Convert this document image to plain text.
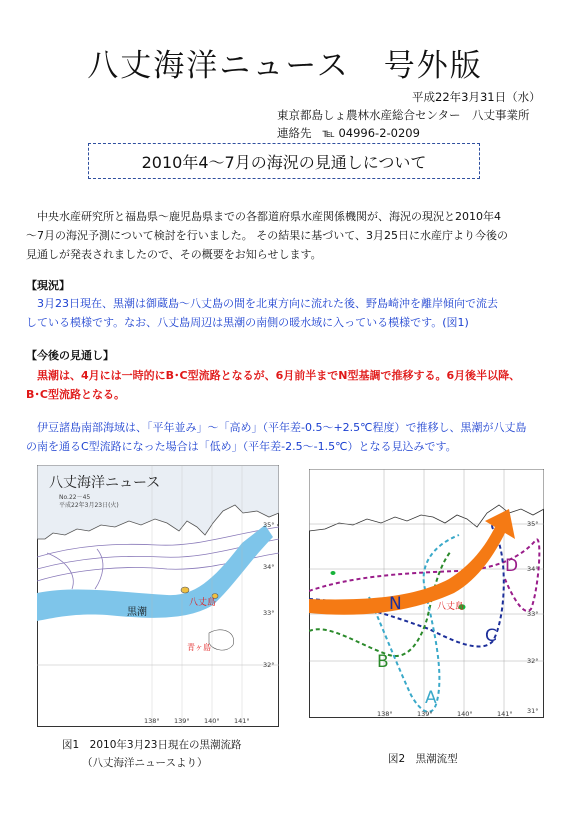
八丈海洋ニュース 号外版
平成22年3月31日（水）
東京都島しょ農林水産総合センター　八丈事業所
連絡先 ℡ 04996-2-0209
2010年4～7月の海況の見通しについて
中央水産研究所と福島県～鹿児島県までの各都道府県水産関係機関が、海況の現況と2010年4
～7月の海況予測について検討を行いました。 その結果に基づいて、3月25日に水産庁より今後の
見通しが発表されましたので、その概要をお知らせします。
【現況】
3月23日現在、黒潮は御蔵島～八丈島の間を北東方向に流れた後、野島崎沖を離岸傾向で流去
している模様です。なお、八丈島周辺は黒潮の南側の暖水域に入っている模様です。(図1)
【今後の見通し】
黒潮は、4月には一時的にB･C型流路となるが、6月前半までN型基調で推移する。6月後半以降、
B･C型流路となる。
伊豆諸島南部海域は、「平年並み」～「高め」（平年差-0.5～+2.5℃程度）で推移し、黒潮が八丈島
の南を通るC型流路になった場合は「低め」（平年差-2.5～-1.5℃）となる見込みです。
八丈海洋ニュース
No.22－45
平成22年3月23日(火)
黒潮
八丈島
青ヶ島
35°
34°
33°
32°
138° 139° 140° 141°
図1　2010年3月23日現在の黒潮流路
（八丈海洋ニュースより）
N
B
C
A
D
八丈島
35°
34°
33°
32°
31°
138°	139°	140°	141°
図2　黒潮流型
